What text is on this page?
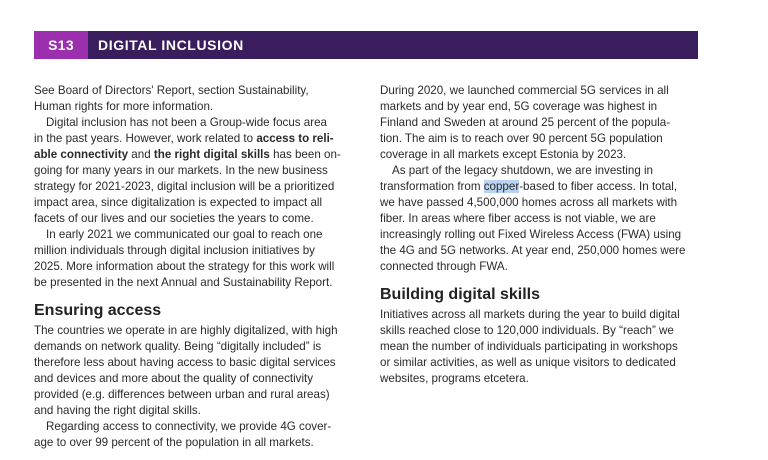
S13	DIGITAL INCLUSION
See Board of Directors' Report, section Sustainability,
Human rights for more information.
Digital inclusion has not been a Group-wide focus area
in the past years. However, work related to access to reli-
able connectivity and the right digital skills has been on-
going for many years in our markets. In the new business
strategy for 2021-2023, digital inclusion will be a prioritized
impact area, since digitalization is expected to impact all
facets of our lives and our societies the years to come.
In early 2021 we communicated our goal to reach one
million individuals through digital inclusion initiatives by
2025. More information about the strategy for this work will
be presented in the next Annual and Sustainability Report.
Ensuring access
The countries we operate in are highly digitalized, with high
demands on network quality. Being “digitally included” is
therefore less about having access to basic digital services
and devices and more about the quality of connectivity
provided (e.g. differences between urban and rural areas)
and having the right digital skills.
Regarding access to connectivity, we provide 4G cover-
age to over 99 percent of the population in all markets.
During 2020, we launched commercial 5G services in all
markets and by year end, 5G coverage was highest in
Finland and Sweden at around 25 percent of the popula-
tion. The aim is to reach over 90 percent 5G population
coverage in all markets except Estonia by 2023.
As part of the legacy shutdown, we are investing in
transformation from copper-based to fiber access. In total,
we have passed 4,500,000 homes across all markets with
fiber. In areas where fiber access is not viable, we are
increasingly rolling out Fixed Wireless Access (FWA) using
the 4G and 5G networks. At year end, 250,000 homes were
connected through FWA.
Building digital skills
Initiatives across all markets during the year to build digital
skills reached close to 120,000 individuals. By “reach” we
mean the number of individuals participating in workshops
or similar activities, as well as unique visitors to dedicated
websites, programs etcetera.
